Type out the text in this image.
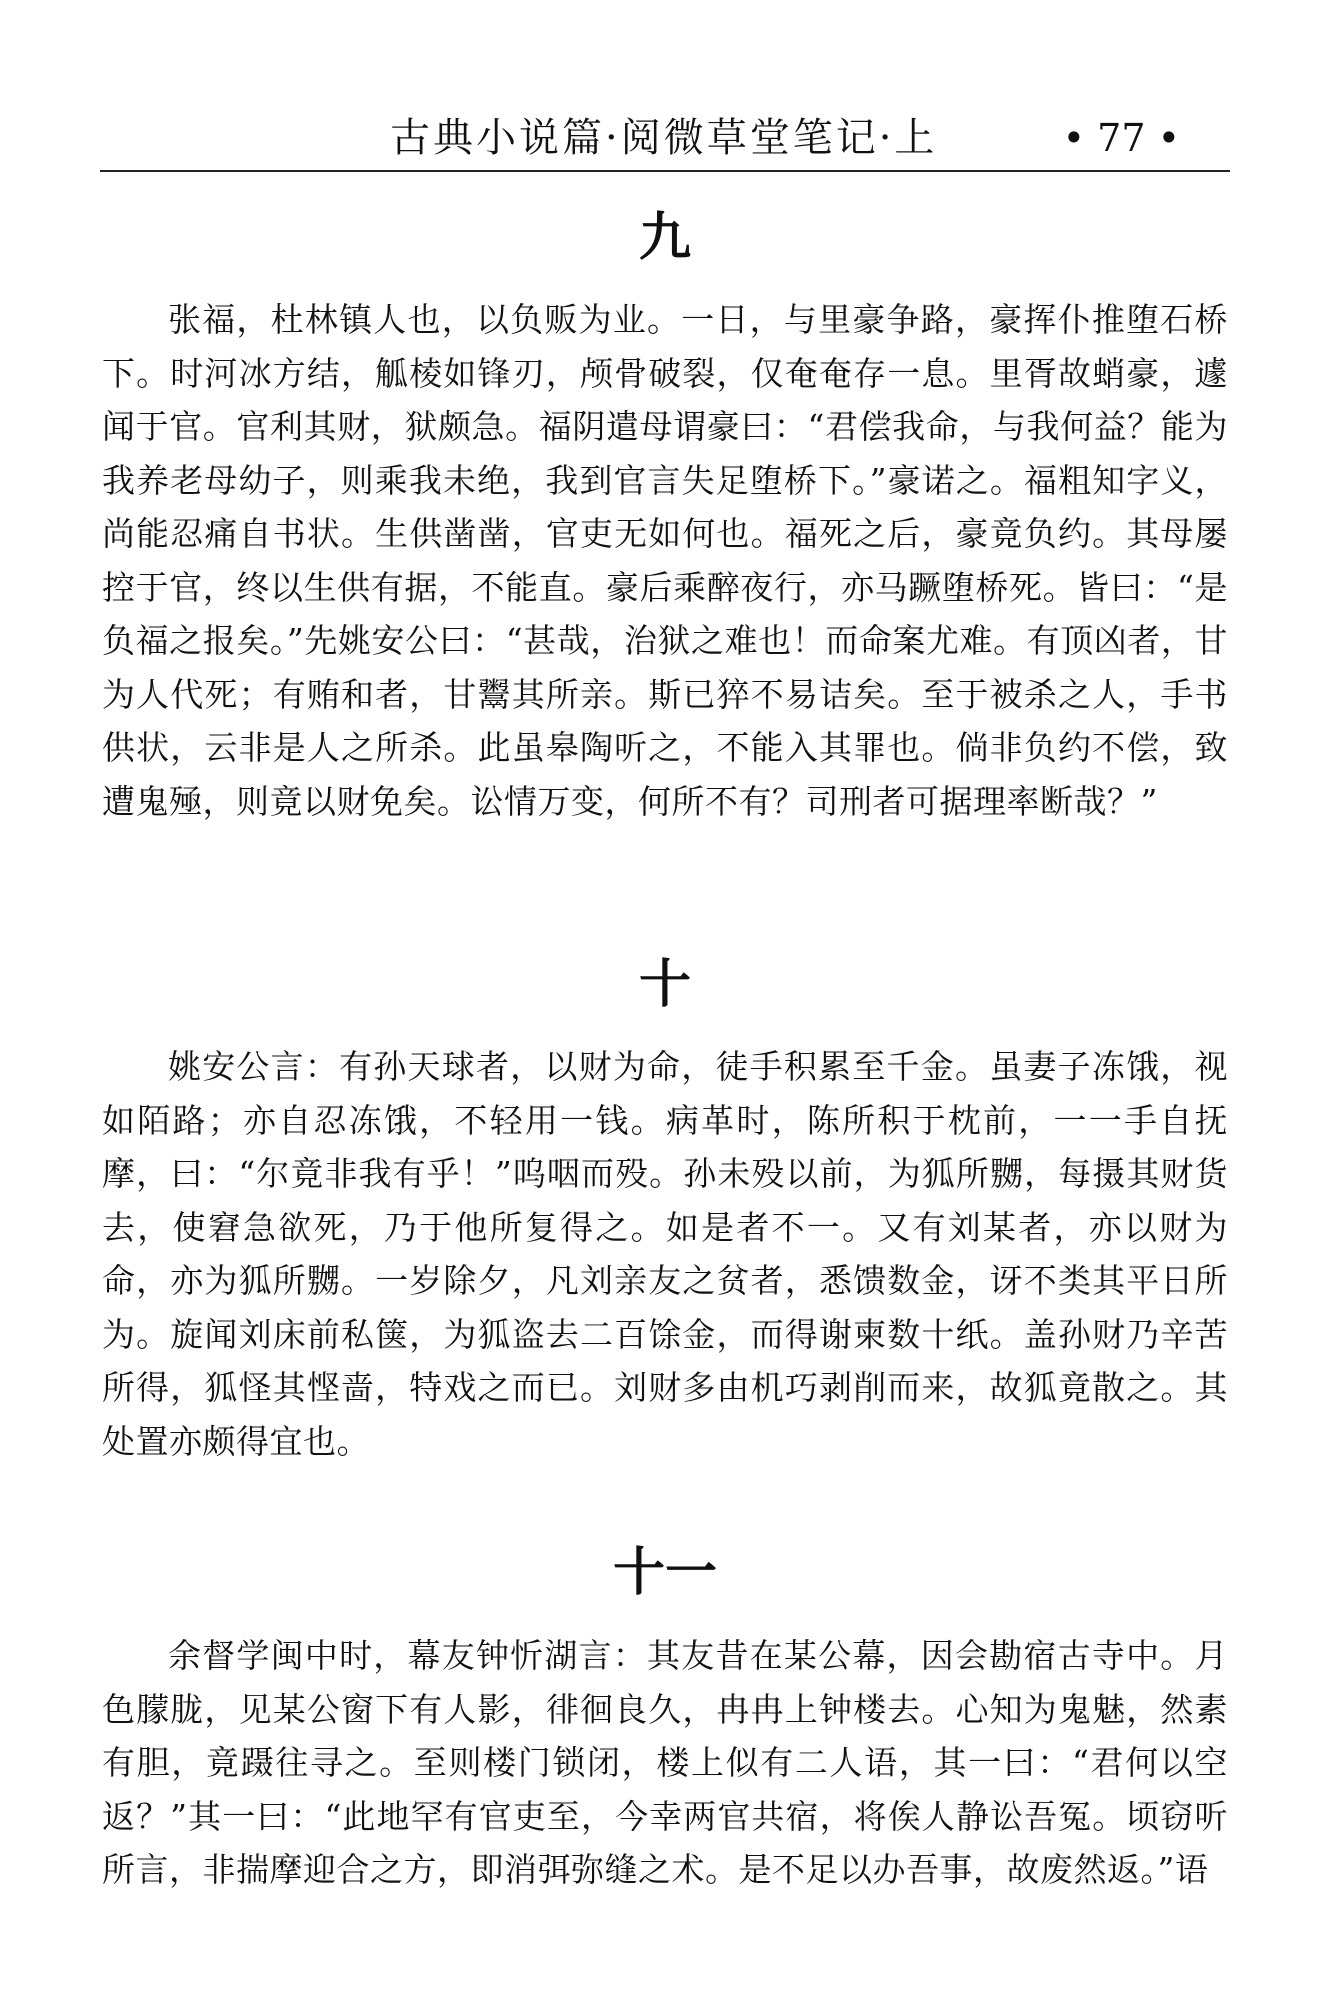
古典小说篇·阅微草堂笔记·上	• 77 •
九

张福，杜林镇人也，以负贩为业。一日，与里豪争路，豪挥仆推堕石桥下。时河冰方结，觚棱如锋刃，颅骨破裂，仅奄奄存一息。里胥故蛸豪，遽闻于官。官利其财，狱颇急。福阴遣母谓豪曰：“君偿我命，与我何益？能为我养老母幼子，则乘我未绝，我到官言失足堕桥下。”豪诺之。福粗知字义，尚能忍痛自书状。生供凿凿，官吏无如何也。福死之后，豪竟负约。其母屡控于官，终以生供有据，不能直。豪后乘醉夜行，亦马蹶堕桥死。皆曰：“是负福之报矣。”先姚安公曰：“甚哉，治狱之难也！而命案尤难。有顶凶者，甘为人代死；有贿和者，甘鬻其所亲。斯已猝不易诘矣。至于被杀之人，手书供状，云非是人之所杀。此虽皋陶听之，不能入其罪也。倘非负约不偿，致遭鬼殛，则竟以财免矣。讼情万变，何所不有？司刑者可据理率断哉？”

十

姚安公言：有孙天球者，以财为命，徒手积累至千金。虽妻子冻饿，视如陌路；亦自忍冻饿，不轻用一钱。病革时，陈所积于枕前，一一手自抚摩，曰：“尔竟非我有乎！”呜咽而殁。孙未殁以前，为狐所嬲，每摄其财货去，使窘急欲死，乃于他所复得之。如是者不一。又有刘某者，亦以财为命，亦为狐所嬲。一岁除夕，凡刘亲友之贫者，悉馈数金，讶不类其平日所为。旋闻刘床前私箧，为狐盗去二百馀金，而得谢柬数十纸。盖孙财乃辛苦所得，狐怪其悭啬，特戏之而已。刘财多由机巧剥削而来，故狐竟散之。其处置亦颇得宜也。

十一

余督学闽中时，幕友钟忻湖言：其友昔在某公幕，因会勘宿古寺中。月色朦胧，见某公窗下有人影，徘徊良久，冉冉上钟楼去。心知为鬼魅，然素有胆，竟蹑往寻之。至则楼门锁闭，楼上似有二人语，其一曰：“君何以空返？”其一曰：“此地罕有官吏至，今幸两官共宿，将俟人静讼吾冤。顷窃听所言，非揣摩迎合之方，即消弭弥缝之术。是不足以办吾事，故废然返。”语
